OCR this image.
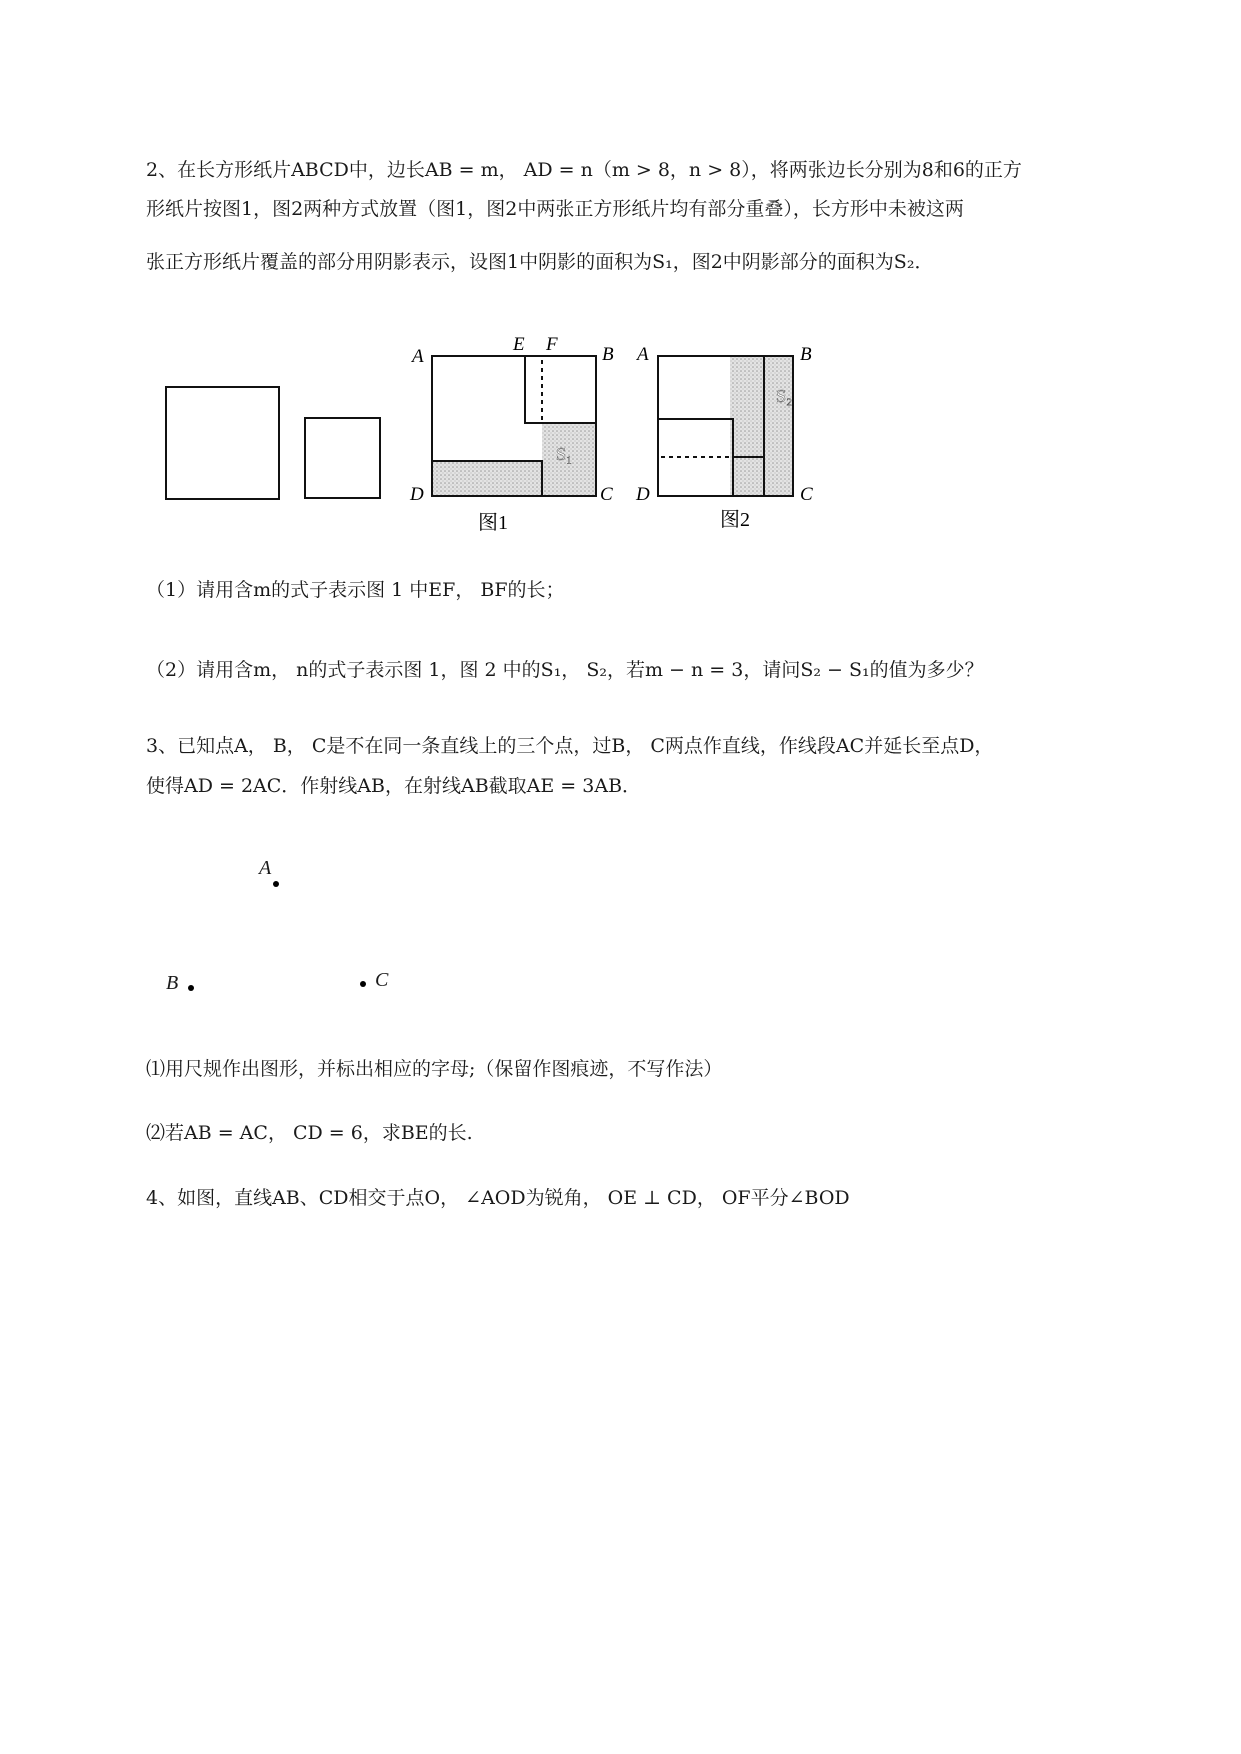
2、在长方形纸片ABCD中，边长AB = m， AD = n（m > 8，n > 8），将两张边长分别为8和6的正方
形纸片按图1，图2两种方式放置（图1，图2中两张正方形纸片均有部分重叠），长方形中未被这两
张正方形纸片覆盖的部分用阴影表示，设图1中阴影的面积为S₁，图2中阴影部分的面积为S₂．
A
E F B
D	C
S₁
图1
A	B
D	C
S₂
图2
（1）请用含m的式子表示图 1 中EF， BF的长；
（2）请用含m， n的式子表示图 1，图 2 中的S₁， S₂，若m − n = 3，请问S₂ − S₁的值为多少？
3、已知点A， B， C是不在同一条直线上的三个点，过B， C两点作直线，作线段AC并延长至点D，
使得AD = 2AC．作射线AB，在射线AB截取AE = 3AB．
A
B	C
⑴用尺规作出图形，并标出相应的字母;（保留作图痕迹，不写作法）
⑵若AB = AC， CD = 6，求BE的长.
4、如图，直线AB、CD相交于点O， ∠AOD为锐角， OE ⊥ CD， OF平分∠BOD
